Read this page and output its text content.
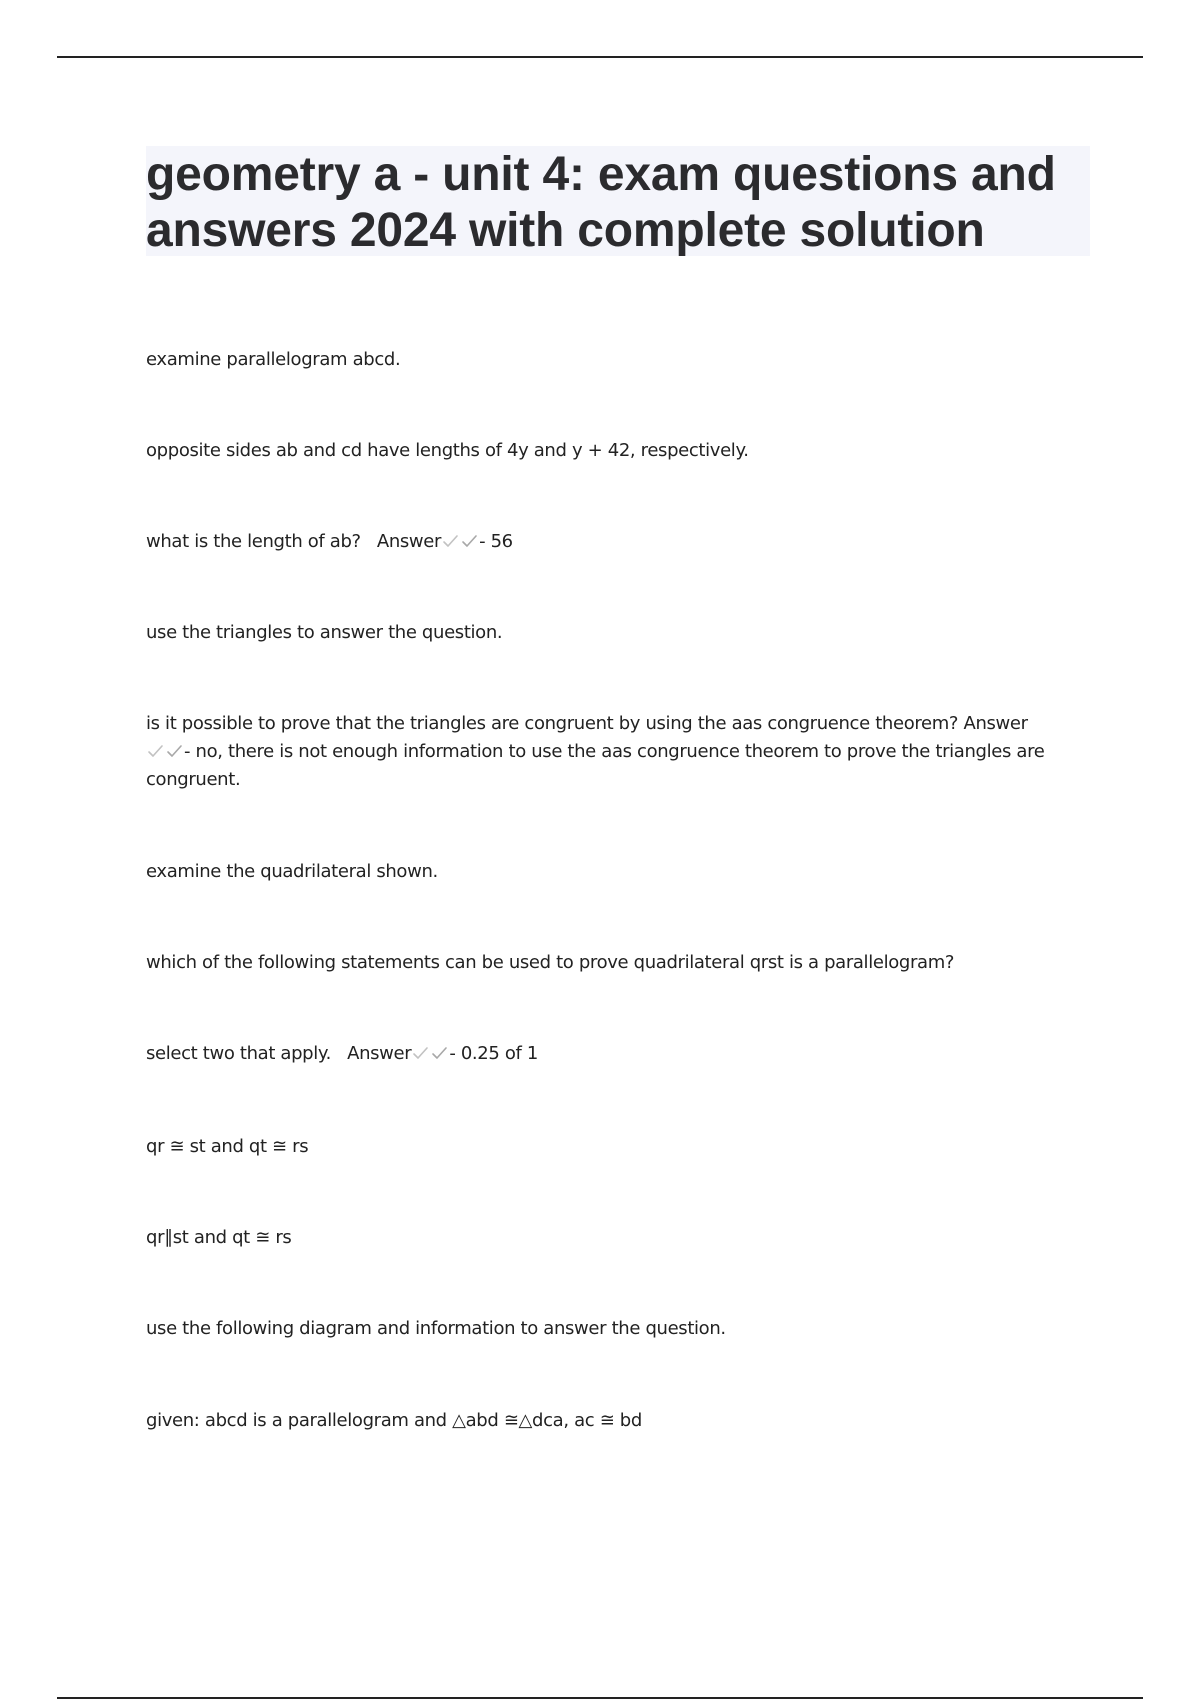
geometry a - unit 4: exam questions and answers 2024 with complete solution
examine parallelogram abcd.
opposite sides ab and cd have lengths of 4y and y + 42, respectively.
what is the length of ab? Answer - 56
use the triangles to answer the question.
is it possible to prove that the triangles are congruent by using the aas congruence theorem? Answer
- no, there is not enough information to use the aas congruence theorem to prove the triangles are congruent.
examine the quadrilateral shown.
which of the following statements can be used to prove quadrilateral qrst is a parallelogram?
select two that apply. Answer - 0.25 of 1
qr ≅ st and qt ≅ rs
qr∥st and qt ≅ rs
use the following diagram and information to answer the question.
given: abcd is a parallelogram and △abd ≅△dca, ac ≅ bd
